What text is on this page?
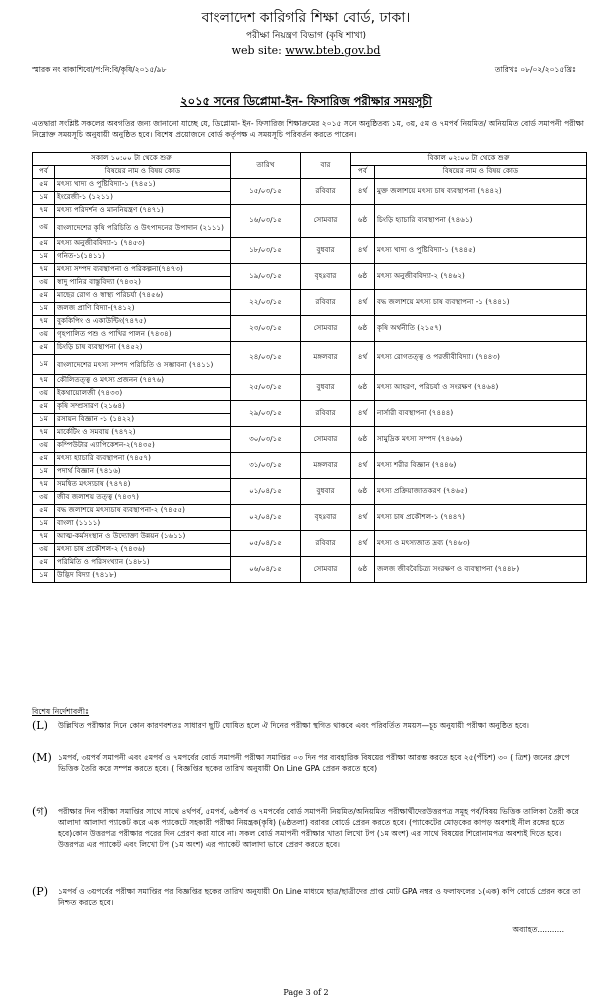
বাংলাদেশ কারিগরি শিক্ষা বোর্ড, ঢাকা।
পরীক্ষা নিয়ন্ত্রণ বিভাগ (কৃষি শাখা)
web site: www.bteb.gov.bd
স্মারক নং বাকাশিবো/প:নি:বি/কৃষি/২০১৫/৯৮	তারিখঃ ০৮/০২/২০১৫খ্রিঃ
২০১৫ সনের ডিপ্লোমা-ইন- ফিসারিজ পরীক্ষার সময়সূচী
এতদ্বারা সংশ্লিষ্ট সকলের অবগতির জন্য জানানো যাচ্ছে যে, ডিপ্লোমা- ইন- ফিসারিজ শিক্ষাক্রমের ২০১৫ সনে অনুষ্ঠিতব্য ১ম, ৩য়, ৫ম ও ৭মপর্ব নিয়মিত/ অনিয়মিত বোর্ড সমাপনী পরীক্ষা নিম্নোক্ত সময়সূচি অনুযায়ী অনুষ্ঠিত হবে। বিশেষ প্রয়োজনে বোর্ড কর্তৃপক্ষ এ সময়সূচি পরিবর্তন করতে পারেন।
সকাল ১০:০০ টা থেকে শুরু		তারিখ	বার	বিকাল ০২:০০ টা থেকে শুরু	
পর্ব	বিষয়ের নাম ও বিষয় কোড			পর্ব	বিষয়ের নাম ও বিষয় কোড
৫ম	মৎস্য খাদ্য ও পুষ্টিবিদ্যা-১ (৭৪৫১)	১৫/০৩/১৫	রবিবার	৪র্থ	মুক্ত জলাশয়ে মৎস্য চাষ ব্যবস্থাপনা (৭৪৪২)
১ম	ইংরেজী-১ (১২১১)				
৭ম	মৎস্য পরিদর্শন ও মাননিয়ন্ত্রণ (৭৪৭১)	১৬/০৩/১৫	সোমবার	৬ষ্ঠ	চিংড়ি হ্যাচারি ব্যবস্থাপনা (৭৪৬১)
৩য়	বাংলাদেশের কৃষি পরিচিতি ও উৎপাদনের উপাদান (২১১১)				
৫ম	মৎস্য অনুজীববিদ্যা-১ (৭৪৫৩)	১৮/০৩/১৫	বুধবার	৪র্থ	মৎস্য খাদ্য ও পুষ্টিবিদ্যা-১ (৭৪৪৫)
১ম	গনিত-১(১৪১১)				
৭ম	মৎস্য সম্পদ ব্যবস্থাপনা ও পরিকল্পনা(৭৪৭৩)	১৯/০৩/১৫	বৃহঃবার	৬ষ্ঠ	মৎস্য অনুজীববিদ্যা-২ (৭৪৬২)
৩য়	স্বাদু পানির বাস্তুবিদ্যা (৭৪৩২)				
৫ম	মাছের রোগ ও স্বাস্থ্য পরিচর্যা (৭৪৫৬)	২২/০৩/১৫	রবিবার	৪র্থ	বদ্ধ জলাশয়ে মৎস্য চাষ ব্যবস্থাপনা -১ (৭৪৪১)
১ম	জলজ প্রাণি বিদ্যা-(৭৪১২)				
৭ম	বুককিপিং ও একাউন্টিং(৭৪৭৫)	২৩/০৩/১৫	সোমবার	৬ষ্ঠ	কৃষি অর্থনীতি (২১৫৭)
৩য়	গৃহপালিত পশু ও পাখির পালন (৭৪৩৪)				
৫ম	চিংড়ি চাষ ব্যবস্থাপনা (৭৪৫২)	২৪/০৩/১৫	মঙ্গলবার	৪র্থ	মৎস্য রোগতত্ত্ব ও পরজীবীবিদ্যা। (৭৪৪৩)
১ম	বাংলাদেশের মৎস্য সম্পদ পরিচিতি ও সম্ভাবনা (৭৪১১)				
৭ম	কৌলিতত্ত্ব ও মৎস্য প্রজনন (৭৪৭৬)	২৫/০৩/১৫	বুধবার	৬ষ্ঠ	মৎস্য আহরণ, পরিচর্যা ও সংরক্ষণ (৭৪৬৪)
৩য়	ইকথায়োলজী (৭৪৩৩)				
৫ম	কৃষি সম্প্রসারণ (২১৬৪)	২৯/০৩/১৫	রবিবার	৪র্থ	নার্সারী ব্যবস্থাপনা (৭৪৪৪)
১ম	রসায়ন বিজ্ঞান -১ (১৪২২)				
৭ম	মার্কেটিং ও সমবায় (৭৪৭২)	৩০/০৩/১৫	সোমবার	৬ষ্ঠ	সামুদ্রিক মৎস্য সম্পদ (৭৪৬৬)
৩য়	কম্পিউটার এ্যাপিকেশন-২(৭৪৩৫)				
৫ম	মৎস্য হ্যাচারি ব্যবস্থাপনা (৭৪৫৭)	৩১/০৩/১৫	মঙ্গলবার	৪র্থ	মৎস্য শরীর বিজ্ঞান (৭৪৪৬)
১ম	পদার্থ বিজ্ঞান (৭৪১৬)				
৭ম	সমন্বিত মৎস্যচাষ (৭৪৭৪)	০১/০৪/১৫	বুধবার	৬ষ্ঠ	মৎস্য প্রক্রিয়াজাতকরণ (৭৪৬৫)
৩য়	জীব জলাশয় তত্ত্ব (৭৪৩৭)				
৫ম	বদ্ধ জলাশয়ে মৎস্যচাষ ব্যবস্থাপনা-২ (৭৪৫৫)	০২/০৪/১৫	বৃহঃবার	৪র্থ	মৎস্য চাষ প্রকৌশল-১ (৭৪৪৭)
১ম	বাংলা (১১১১)				
৭ম	আত্ম-কর্মসংস্থান ও উদ্যোক্তা উন্নয়ন (১৬১১)	০৫/০৪/১৫	রবিবার	৪র্থ	মৎস্য ও মৎস্যজাত দ্রব্য (৭৪৬৩)
৩য়	মৎস্য চাষ প্রকৌশল-২ (৭৪৩৬)				
৫ম	পরিমিতি ও পরিসংখ্যান (১৪৮১)	০৬/০৪/১৫	সোমবার	৬ষ্ঠ	জলজ জীববৈচিত্র্য সংরক্ষণ ও ব্যবস্থাপনা (৭৪৪৮)
১ম	উদ্ভিদ বিদ্যা (৭৪১৮)				
বিশেষ নির্দেশাবলীঃ
(L) উল্লিখিত পরীক্ষার দিনে কোন কারণবশতঃ সাধারণ ছুটি ঘোষিত হলে ঐ দিনের পরীক্ষা স্থগিত থাকবে এবং পরিবর্তিত সময়স—চূচ অনুযায়ী পরীক্ষা অনুষ্ঠিত হবে।
(M) ১মপর্ব, ৩য়পর্ব সমাপনী এবং ৫মপর্ব ও ৭মপর্বের বোর্ড সমাপনী পরীক্ষা সমাপ্তির ০৩ দিন পর ব্যবহারিক বিষয়ের পরীক্ষা আরম্ভ করতে হবে ২৫(পঁচিশ) ৩০ ( ত্রিশ) জনের গ্রুপে ভিত্তিক তৈরি করে সম্পন্ন করতে হবে। ( বিজ্ঞপ্তির ছকের তারিখ অনুযায়ী On Line GPA প্রেরন করতে হবে)
(গ) পরীক্ষার দিন পরীক্ষা সমাপ্তির সাথে সাথে ৪র্থপর্ব, ৫মপর্ব, ৬ষ্ঠপর্ব ও ৭মপর্বের বোর্ড সমাপনী নিয়মিত/অনিয়মিত পরীক্ষার্থীদেরউত্তরপত্র সমূহ পর্ব/বিষয় ভিত্তিক তালিকা তৈরী করে আলাদা আলাদা প্যাকেট করে এক প্যাকেটে সহকারী পরীক্ষা নিয়ন্ত্রক(কৃষি) (৬ষ্ঠতলা) বরাবর বোর্ডে প্রেরন করতে হবে। (প্যাকেটের মোড়কের কাপড় অবশ্যই নীল রঙ্গের হতে হবে)কোন উত্তরপত্র পরীক্ষার পরের দিন প্রেরণ করা যাবে না। সকল বোর্ড সমাপনী পরীক্ষার খাতা লিখো টপ (১ম অংশ) এর সাথে বিষয়ের শিরোনামপত্র অবশ্যই দিতে হবে। উত্তরপত্র এর প্যাকেট এবং লিখো টপ (১ম অংশ) এর প্যাকেট আলাদা ভাবে প্রেরণ করতে হবে।
(P) ১মপর্ব ও ৩য়পর্বের পরীক্ষা সমাপ্তির পর বিজ্ঞপ্তির ছকের তারিখ অনুযায়ী On Line মাধ্যমে ছাত্র/ছাত্রীদের প্রাপ্ত মোট GPA নম্বর ও ফলাফলের ১(এক) কপি বোর্ডে প্রেরন করে তা নিশ্চত করতে হবে।
অব্যাহত...........
Page 3 of 2
